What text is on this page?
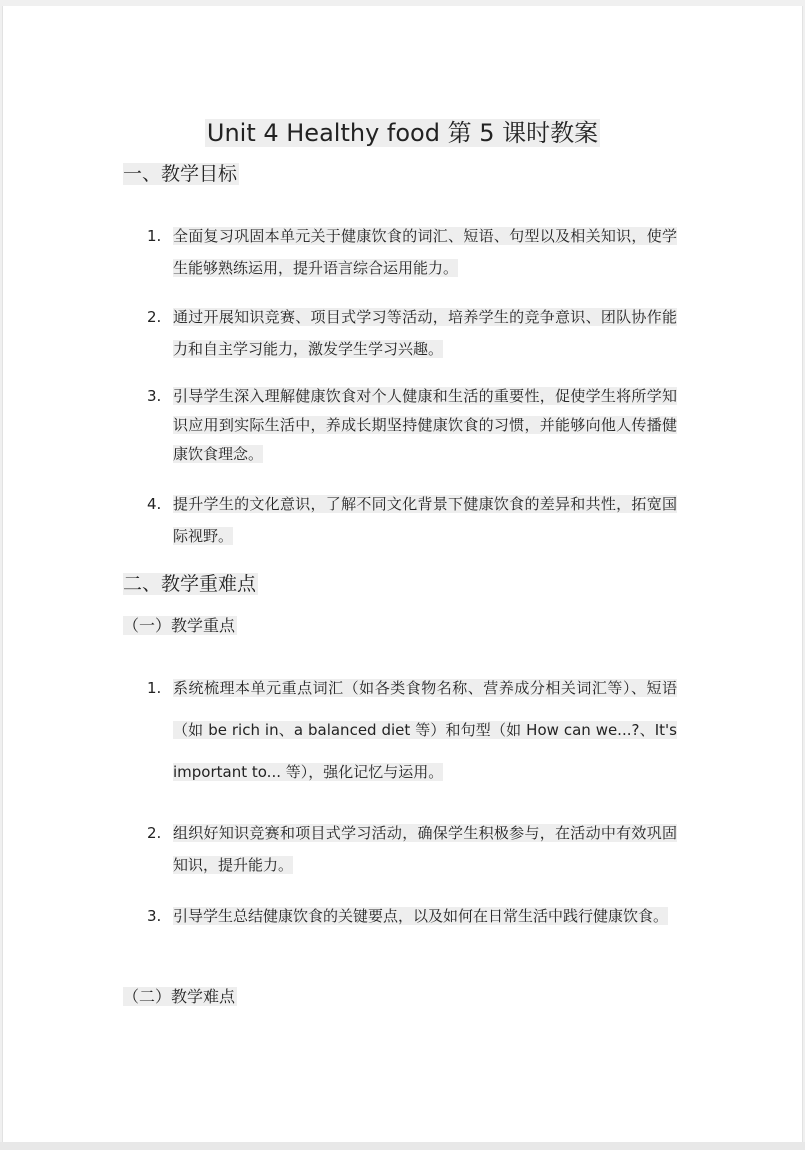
Unit 4 Healthy food 第 5 课时教案
一、教学目标
1. 全面复习巩固本单元关于健康饮食的词汇、短语、句型以及相关知识，使学生能够熟练运用，提升语言综合运用能力。
2. 通过开展知识竞赛、项目式学习等活动，培养学生的竞争意识、团队协作能力和自主学习能力，激发学生学习兴趣。
3. 引导学生深入理解健康饮食对个人健康和生活的重要性，促使学生将所学知识应用到实际生活中，养成长期坚持健康饮食的习惯，并能够向他人传播健康饮食理念。
4. 提升学生的文化意识，了解不同文化背景下健康饮食的差异和共性，拓宽国际视野。
二、教学重难点
（一）教学重点
1. 系统梳理本单元重点词汇（如各类食物名称、营养成分相关词汇等）、短语（如 be rich in、a balanced diet 等）和句型（如 How can we...?、It's important to... 等），强化记忆与运用。
2. 组织好知识竞赛和项目式学习活动，确保学生积极参与，在活动中有效巩固知识，提升能力。
3. 引导学生总结健康饮食的关键要点，以及如何在日常生活中践行健康饮食。
（二）教学难点
